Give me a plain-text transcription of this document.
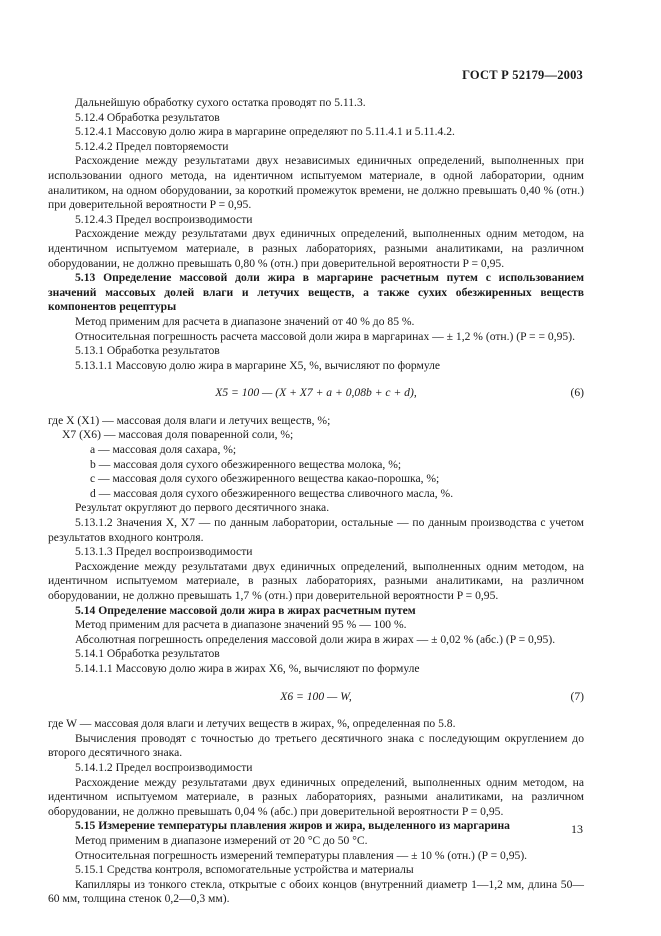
ГОСТ Р 52179—2003

Дальнейшую обработку сухого остатка проводят по 5.11.3.

5.12.4 Обработка результатов

5.12.4.1 Массовую долю жира в маргарине определяют по 5.11.4.1 и 5.11.4.2.

5.12.4.2 Предел повторяемости

Расхождение между результатами двух независимых единичных определений, выполненных при использовании одного метода, на идентичном испытуемом материале, в одной лаборатории, одним аналитиком, на одном оборудовании, за короткий промежуток времени, не должно превышать 0,40 % (отн.) при доверительной вероятности P = 0,95.

5.12.4.3 Предел воспроизводимости

Расхождение между результатами двух единичных определений, выполненных одним методом, на идентичном испытуемом материале, в разных лабораториях, разными аналитиками, на различном оборудовании, не должно превышать 0,80 % (отн.) при доверительной вероятности P = 0,95.

5.13 Определение массовой доли жира в маргарине расчетным путем с использованием значений массовых долей влаги и летучих веществ, а также сухих обезжиренных веществ компонентов рецептуры

Метод применим для расчета в диапазоне значений от 40 % до 85 %.

Относительная погрешность расчета массовой доли жира в маргаринах — ± 1,2 % (отн.) (P = = 0,95).

5.13.1 Обработка результатов

5.13.1.1 Массовую долю жира в маргарине X5, %, вычисляют по формуле

X5 = 100 — (X + X7 + a + 0,08b + c + d),	(6)

где X (X1) — массовая доля влаги и летучих веществ, %;

X7 (X6) — массовая доля поваренной соли, %;

a — массовая доля сахара, %;

b — массовая доля сухого обезжиренного вещества молока, %;

c — массовая доля сухого обезжиренного вещества какао-порошка, %;

d — массовая доля сухого обезжиренного вещества сливочного масла, %.

Результат округляют до первого десятичного знака.

5.13.1.2 Значения X, X7 — по данным лаборатории, остальные — по данным производства с учетом результатов входного контроля.

5.13.1.3 Предел воспроизводимости

Расхождение между результатами двух единичных определений, выполненных одним методом, на идентичном испытуемом материале, в разных лабораториях, разными аналитиками, на различном оборудовании, не должно превышать 1,7 % (отн.) при доверительной вероятности P = 0,95.

5.14 Определение массовой доли жира в жирах расчетным путем

Метод применим для расчета в диапазоне значений 95 % — 100 %.

Абсолютная погрешность определения массовой доли жира в жирах — ± 0,02 % (абс.) (P = 0,95).

5.14.1 Обработка результатов

5.14.1.1 Массовую долю жира в жирах X6, %, вычисляют по формуле

X6 = 100 — W,	(7)

где W — массовая доля влаги и летучих веществ в жирах, %, определенная по 5.8.

Вычисления проводят с точностью до третьего десятичного знака с последующим округлением до второго десятичного знака.

5.14.1.2 Предел воспроизводимости

Расхождение между результатами двух единичных определений, выполненных одним методом, на идентичном испытуемом материале, в разных лабораториях, разными аналитиками, на различном оборудовании, не должно превышать 0,04 % (абс.) при доверительной вероятности P = 0,95.

5.15 Измерение температуры плавления жиров и жира, выделенного из маргарина

Метод применим в диапазоне измерений от 20 °С до 50 °С.

Относительная погрешность измерений температуры плавления — ± 10 % (отн.) (P = 0,95).

5.15.1 Средства контроля, вспомогательные устройства и материалы

Капилляры из тонкого стекла, открытые с обоих концов (внутренний диаметр 1—1,2 мм, длина 50—60 мм, толщина стенок 0,2—0,3 мм).

13
